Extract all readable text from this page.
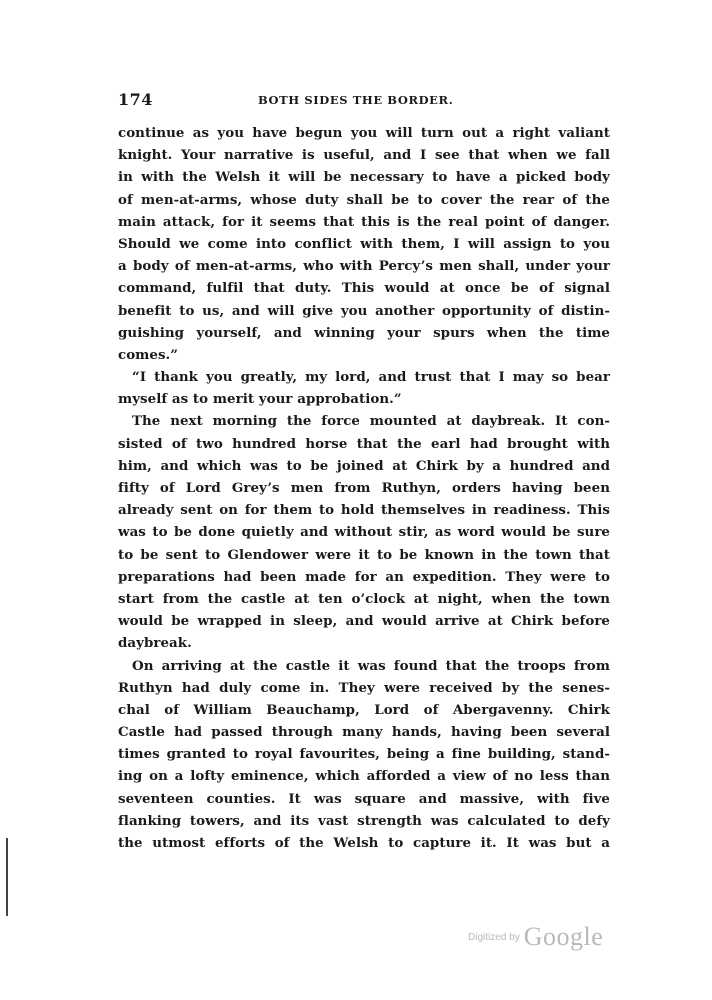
174	BOTH SIDES THE BORDER.
continue as you have begun you will turn out a right valiant
knight. Your narrative is useful, and I see that when we fall
in with the Welsh it will be necessary to have a picked body
of men-at-arms, whose duty shall be to cover the rear of the
main attack, for it seems that this is the real point of danger.
Should we come into conflict with them, I will assign to you
a body of men-at-arms, who with Percy’s men shall, under your
command, fulfil that duty. This would at once be of signal
benefit to us, and will give you another opportunity of distin-
guishing yourself, and winning your spurs when the time
comes.”
“I thank you greatly, my lord, and trust that I may so bear
myself as to merit your approbation.”
The next morning the force mounted at daybreak. It con-
sisted of two hundred horse that the earl had brought with
him, and which was to be joined at Chirk by a hundred and
fifty of Lord Grey’s men from Ruthyn, orders having been
already sent on for them to hold themselves in readiness. This
was to be done quietly and without stir, as word would be sure
to be sent to Glendower were it to be known in the town that
preparations had been made for an expedition. They were to
start from the castle at ten o’clock at night, when the town
would be wrapped in sleep, and would arrive at Chirk before
daybreak.
On arriving at the castle it was found that the troops from
Ruthyn had duly come in. They were received by the senes-
chal of William Beauchamp, Lord of Abergavenny. Chirk
Castle had passed through many hands, having been several
times granted to royal favourites, being a fine building, stand-
ing on a lofty eminence, which afforded a view of no less than
seventeen counties. It was square and massive, with five
flanking towers, and its vast strength was calculated to defy
the utmost efforts of the Welsh to capture it. It was but a
Digitized by Google
